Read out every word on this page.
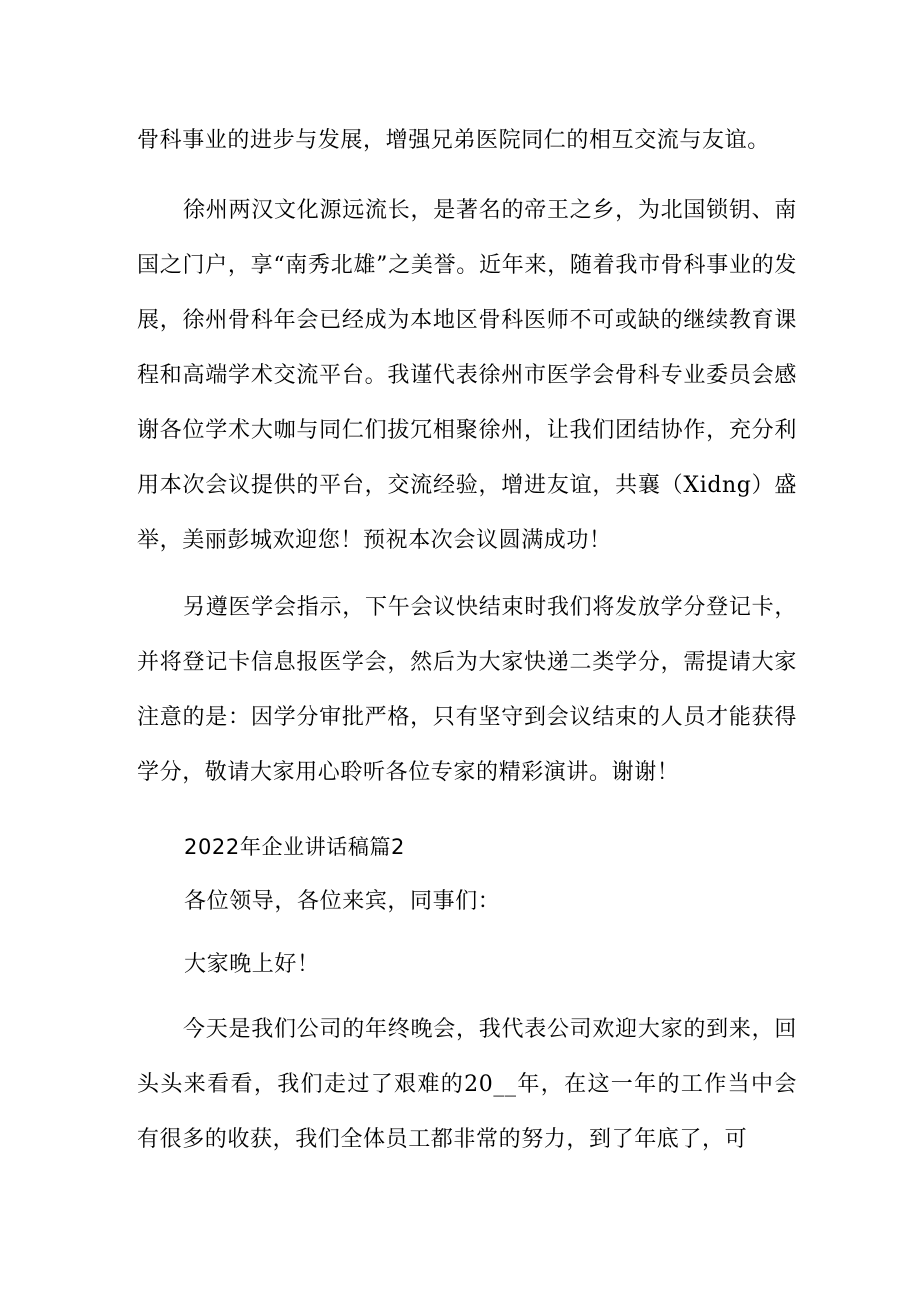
骨科事业的进步与发展，增强兄弟医院同仁的相互交流与友谊。

徐州两汉文化源远流长，是著名的帝王之乡，为北国锁钥、南国之门户，享“南秀北雄”之美誉。近年来，随着我市骨科事业的发展，徐州骨科年会已经成为本地区骨科医师不可或缺的继续教育课程和高端学术交流平台。我谨代表徐州市医学会骨科专业委员会感谢各位学术大咖与同仁们拔冗相聚徐州，让我们团结协作，充分利用本次会议提供的平台，交流经验，增进友谊，共襄（Xidng）盛举，美丽彭城欢迎您！预祝本次会议圆满成功！

另遵医学会指示，下午会议快结束时我们将发放学分登记卡，并将登记卡信息报医学会，然后为大家快递二类学分，需提请大家注意的是：因学分审批严格，只有坚守到会议结束的人员才能获得学分，敬请大家用心聆听各位专家的精彩演讲。谢谢！

2022年企业讲话稿篇2

各位领导，各位来宾，同事们：

大家晚上好！

今天是我们公司的年终晚会，我代表公司欢迎大家的到来，回头头来看看，我们走过了艰难的20__年，在这一年的工作当中会有很多的收获，我们全体员工都非常的努力，到了年底了，可
